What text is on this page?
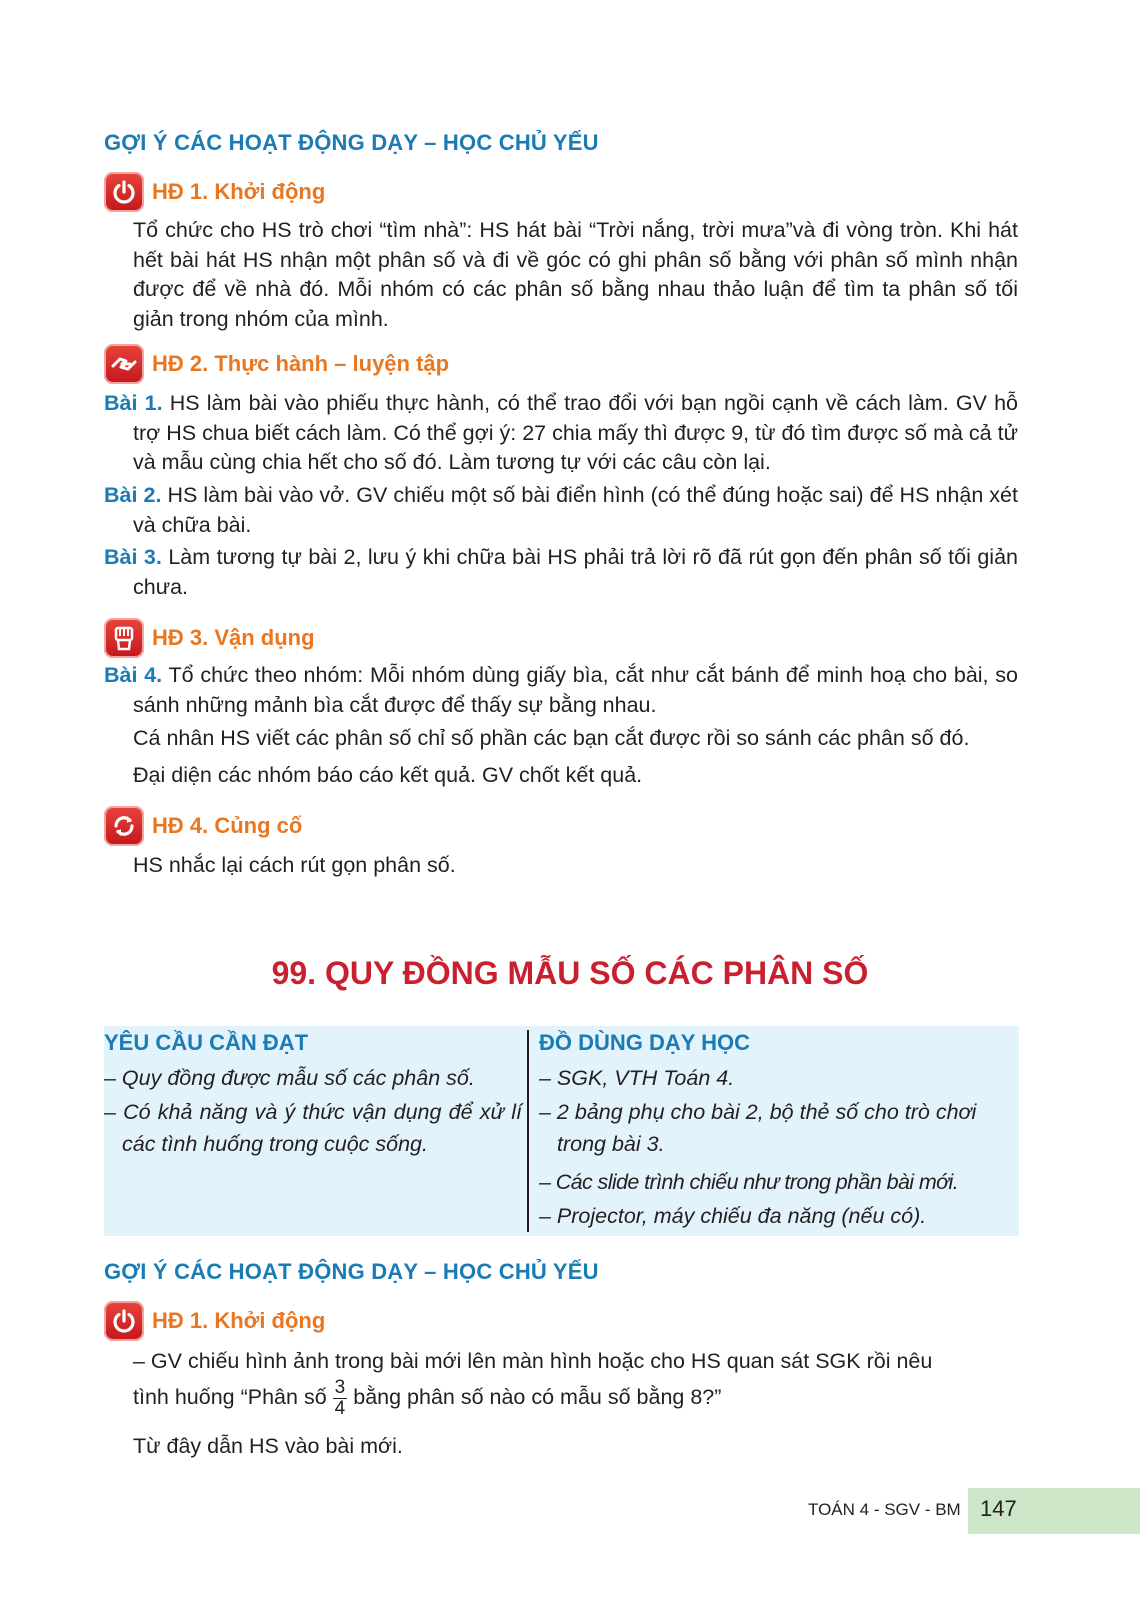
GỢI Ý CÁC HOẠT ĐỘNG DẠY – HỌC CHỦ YẾU
HĐ 1. Khởi động
Tổ chức cho HS trò chơi “tìm nhà”: HS hát bài “Trời nắng, trời mưa”và đi vòng tròn. Khi hát hết bài hát HS nhận một phân số và đi về góc có ghi phân số bằng với phân số mình nhận được để về nhà đó. Mỗi nhóm có các phân số bằng nhau thảo luận để tìm ta phân số tối giản trong nhóm của mình.
HĐ 2. Thực hành – luyện tập
Bài 1. HS làm bài vào phiếu thực hành, có thể trao đổi với bạn ngồi cạnh về cách làm. GV hỗ trợ HS chua biết cách làm. Có thể gợi ý: 27 chia mấy thì được 9, từ đó tìm được số mà cả tử và mẫu cùng chia hết cho số đó. Làm tương tự với các câu còn lại.
Bài 2. HS làm bài vào vở. GV chiếu một số bài điển hình (có thể đúng hoặc sai) để HS nhận xét và chữa bài.
Bài 3. Làm tương tự bài 2, lưu ý khi chữa bài HS phải trả lời rõ đã rút gọn đến phân số tối giản chưa.
HĐ 3. Vận dụng
Bài 4. Tổ chức theo nhóm: Mỗi nhóm dùng giấy bìa, cắt như cắt bánh để minh hoạ cho bài, so sánh những mảnh bìa cắt được để thấy sự bằng nhau.
Cá nhân HS viết các phân số chỉ số phần các bạn cắt được rồi so sánh các phân số đó.
Đại diện các nhóm báo cáo kết quả. GV chốt kết quả.
HĐ 4. Củng cố
HS nhắc lại cách rút gọn phân số.
99. QUY ĐỒNG MẪU SỐ CÁC PHÂN SỐ
YÊU CẦU CẦN ĐẠT
– Quy đồng được mẫu số các phân số.
– Có khả năng và ý thức vận dụng để xử lí các tình huống trong cuộc sống.
ĐỒ DÙNG DẠY HỌC
– SGK, VTH Toán 4.
– 2 bảng phụ cho bài 2, bộ thẻ số cho trò chơi trong bài 3.
– Các slide trình chiếu như trong phần bài mới.
– Projector, máy chiếu đa năng (nếu có).
GỢI Ý CÁC HOẠT ĐỘNG DẠY – HỌC CHỦ YẾU
HĐ 1. Khởi động
– GV chiếu hình ảnh trong bài mới lên màn hình hoặc cho HS quan sát SGK rồi nêu
tình huống “Phân số $\frac{3}{4}$ bằng phân số nào có mẫu số bằng 8?”
Từ đây dẫn HS vào bài mới.
TOÁN 4 - SGV - BM 147
